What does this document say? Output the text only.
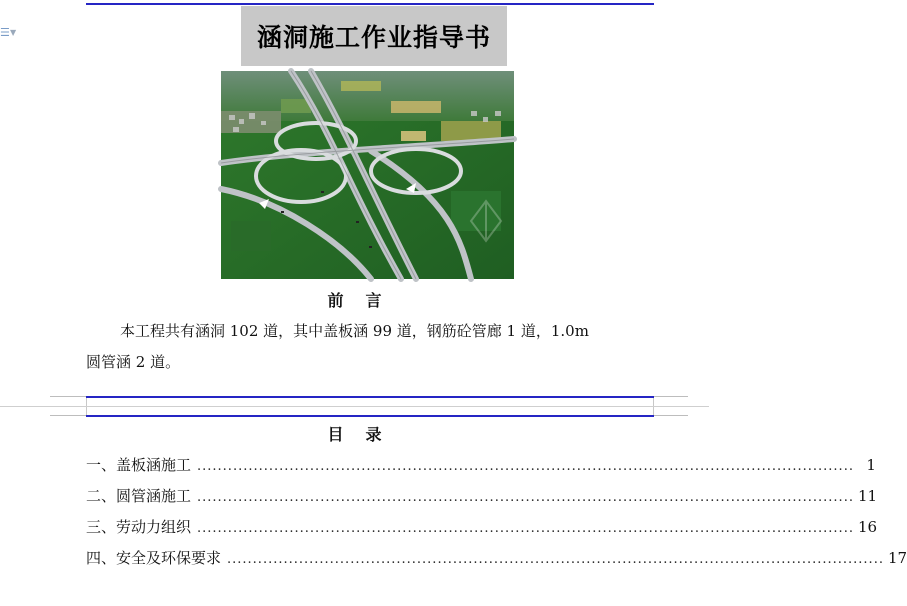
☰ ▼	涵洞施工作业指导书
前言
本工程共有涵洞 102 道，其中盖板涵 99 道，钢筋砼管廊 1 道，1.0m
圆管涵 2 道。
目录
一、盖板涵施工 ................................................................................................................................ 1
二、圆管涵施工 ................................................................................................................................ 11
三、劳动力组织 ................................................................................................................................ 16
四、安全及环保要求 ................................................................................................................................ 17
